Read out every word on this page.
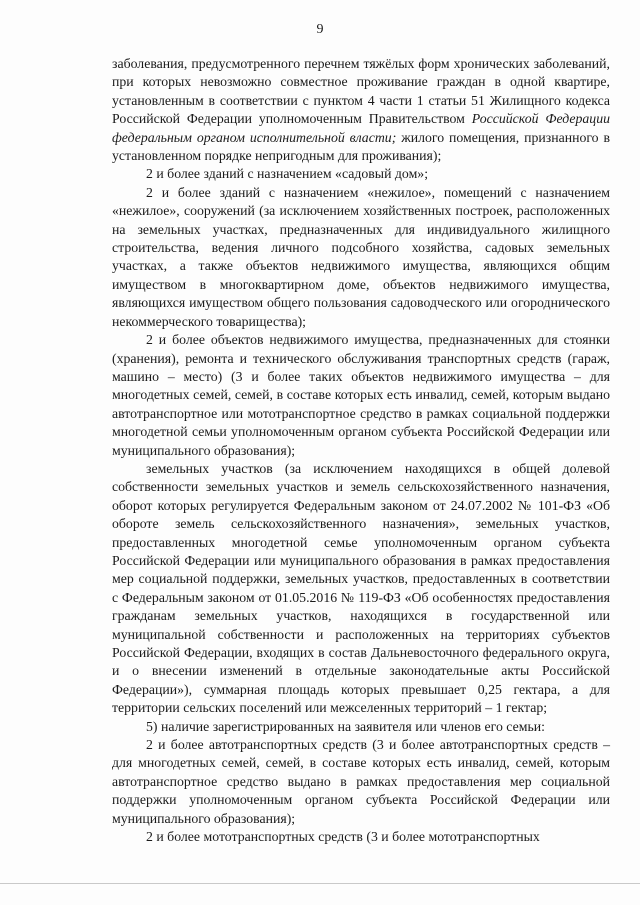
9

заболевания, предусмотренного перечнем тяжёлых форм хронических заболеваний, при которых невозможно совместное проживание граждан в одной квартире, установленным в соответствии с пунктом 4 части 1 статьи 51 Жилищного кодекса Российской Федерации уполномоченным Правительством Российской Федерации федеральным органом исполнительной власти; жилого помещения, признанного в установленном порядке непригодным для проживания);

2 и более зданий с назначением «садовый дом»;

2 и более зданий с назначением «нежилое», помещений с назначением «нежилое», сооружений (за исключением хозяйственных построек, расположенных на земельных участках, предназначенных для индивидуального жилищного строительства, ведения личного подсобного хозяйства, садовых земельных участках, а также объектов недвижимого имущества, являющихся общим имуществом в многоквартирном доме, объектов недвижимого имущества, являющихся имуществом общего пользования садоводческого или огороднического некоммерческого товарищества);

2 и более объектов недвижимого имущества, предназначенных для стоянки (хранения), ремонта и технического обслуживания транспортных средств (гараж, машино – место) (3 и более таких объектов недвижимого имущества – для многодетных семей, семей, в составе которых есть инвалид, семей, которым выдано автотранспортное или мототранспортное средство в рамках социальной поддержки многодетной семьи уполномоченным органом субъекта Российской Федерации или муниципального образования);

земельных участков (за исключением находящихся в общей долевой собственности земельных участков и земель сельскохозяйственного назначения, оборот которых регулируется Федеральным законом от 24.07.2002 № 101-ФЗ «Об обороте земель сельскохозяйственного назначения», земельных участков, предоставленных многодетной семье уполномоченным органом субъекта Российской Федерации или муниципального образования в рамках предоставления мер социальной поддержки, земельных участков, предоставленных в соответствии с Федеральным законом от 01.05.2016 № 119-ФЗ «Об особенностях предоставления гражданам земельных участков, находящихся в государственной или муниципальной собственности и расположенных на территориях субъектов Российской Федерации, входящих в состав Дальневосточного федерального округа, и о внесении изменений в отдельные законодательные акты Российской Федерации»), суммарная площадь которых превышает 0,25 гектара, а для территории сельских поселений или межселенных территорий – 1 гектар;

5) наличие зарегистрированных на заявителя или членов его семьи:

2 и более автотранспортных средств (3 и более автотранспортных средств – для многодетных семей, семей, в составе которых есть инвалид, семей, которым автотранспортное средство выдано в рамках предоставления мер социальной поддержки уполномоченным органом субъекта Российской Федерации или муниципального образования);

2 и более мототранспортных средств (3 и более мототранспортных
